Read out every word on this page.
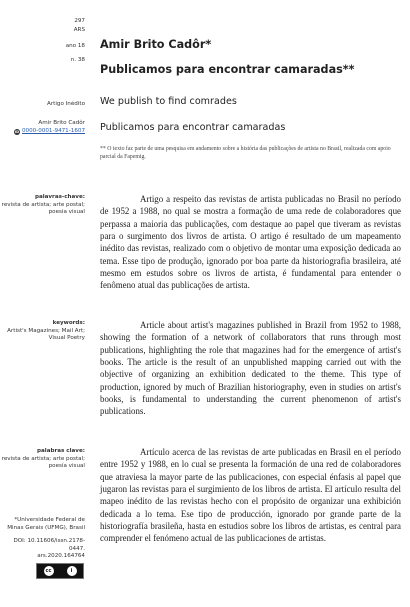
297
ARS
ano 18
n. 38
Artigo Inédito
Amir Brito Cadôr
iD 0000-0001-9471-1607
palavras-chave:
revista de artista; arte postal;
poesia visual
keywords:
Artist's Magazines; Mail Art;
Visual Poetry
palabras clave:
revista de artista; arte postal;
poesía visual
*Universidade Federal de
Minas Gerais (UFMG), Brasil
DOI: 10.11606/issn.2178-0447.
ars.2020.164764
cc	i
Amir Brito Cadôr*
Publicamos para encontrar camaradas**
We publish to find comrades
Publicamos para encontrar camaradas
** O texto faz parte de uma pesquisa em andamento sobre a história das publicações de artista no Brasil, realizada com apoio parcial da Fapemig.

Artigo a respeito das revistas de artista publicadas no Brasil no período de 1952 a 1988, no qual se mostra a formação de uma rede de colaboradores que perpassa a maioria das publicações, com destaque ao papel que tiveram as revistas para o surgimento dos livros de artista. O artigo é resultado de um mapeamento inédito das revistas, realizado com o objetivo de montar uma exposição dedicada ao tema. Esse tipo de produção, ignorado por boa parte da historiografia brasileira, até mesmo em estudos sobre os livros de artista, é fundamental para entender o fenômeno atual das publicações de artista.

Article about artist's magazines published in Brazil from 1952 to 1988, showing the formation of a network of collaborators that runs through most publications, highlighting the role that magazines had for the emergence of artist's books. The article is the result of an unpublished mapping carried out with the objective of organizing an exhibition dedicated to the theme. This type of production, ignored by much of Brazilian historiography, even in studies on artist's books, is fundamental to understanding the current phenomenon of artist's publications.

Artículo acerca de las revistas de arte publicadas en Brasil en el período entre 1952 y 1988, en lo cual se presenta la formación de una red de colaboradores que atraviesa la mayor parte de las publicaciones, con especial énfasis al papel que jugaron las revistas para el surgimiento de los libros de artista. El artículo resulta del mapeo inédito de las revistas hecho con el propósito de organizar una exhibición dedicada a lo tema. Ese tipo de producción, ignorado por grande parte de la historiografía brasileña, hasta en estudios sobre los libros de artistas, es central para comprender el fenómeno actual de las publicaciones de artistas.
